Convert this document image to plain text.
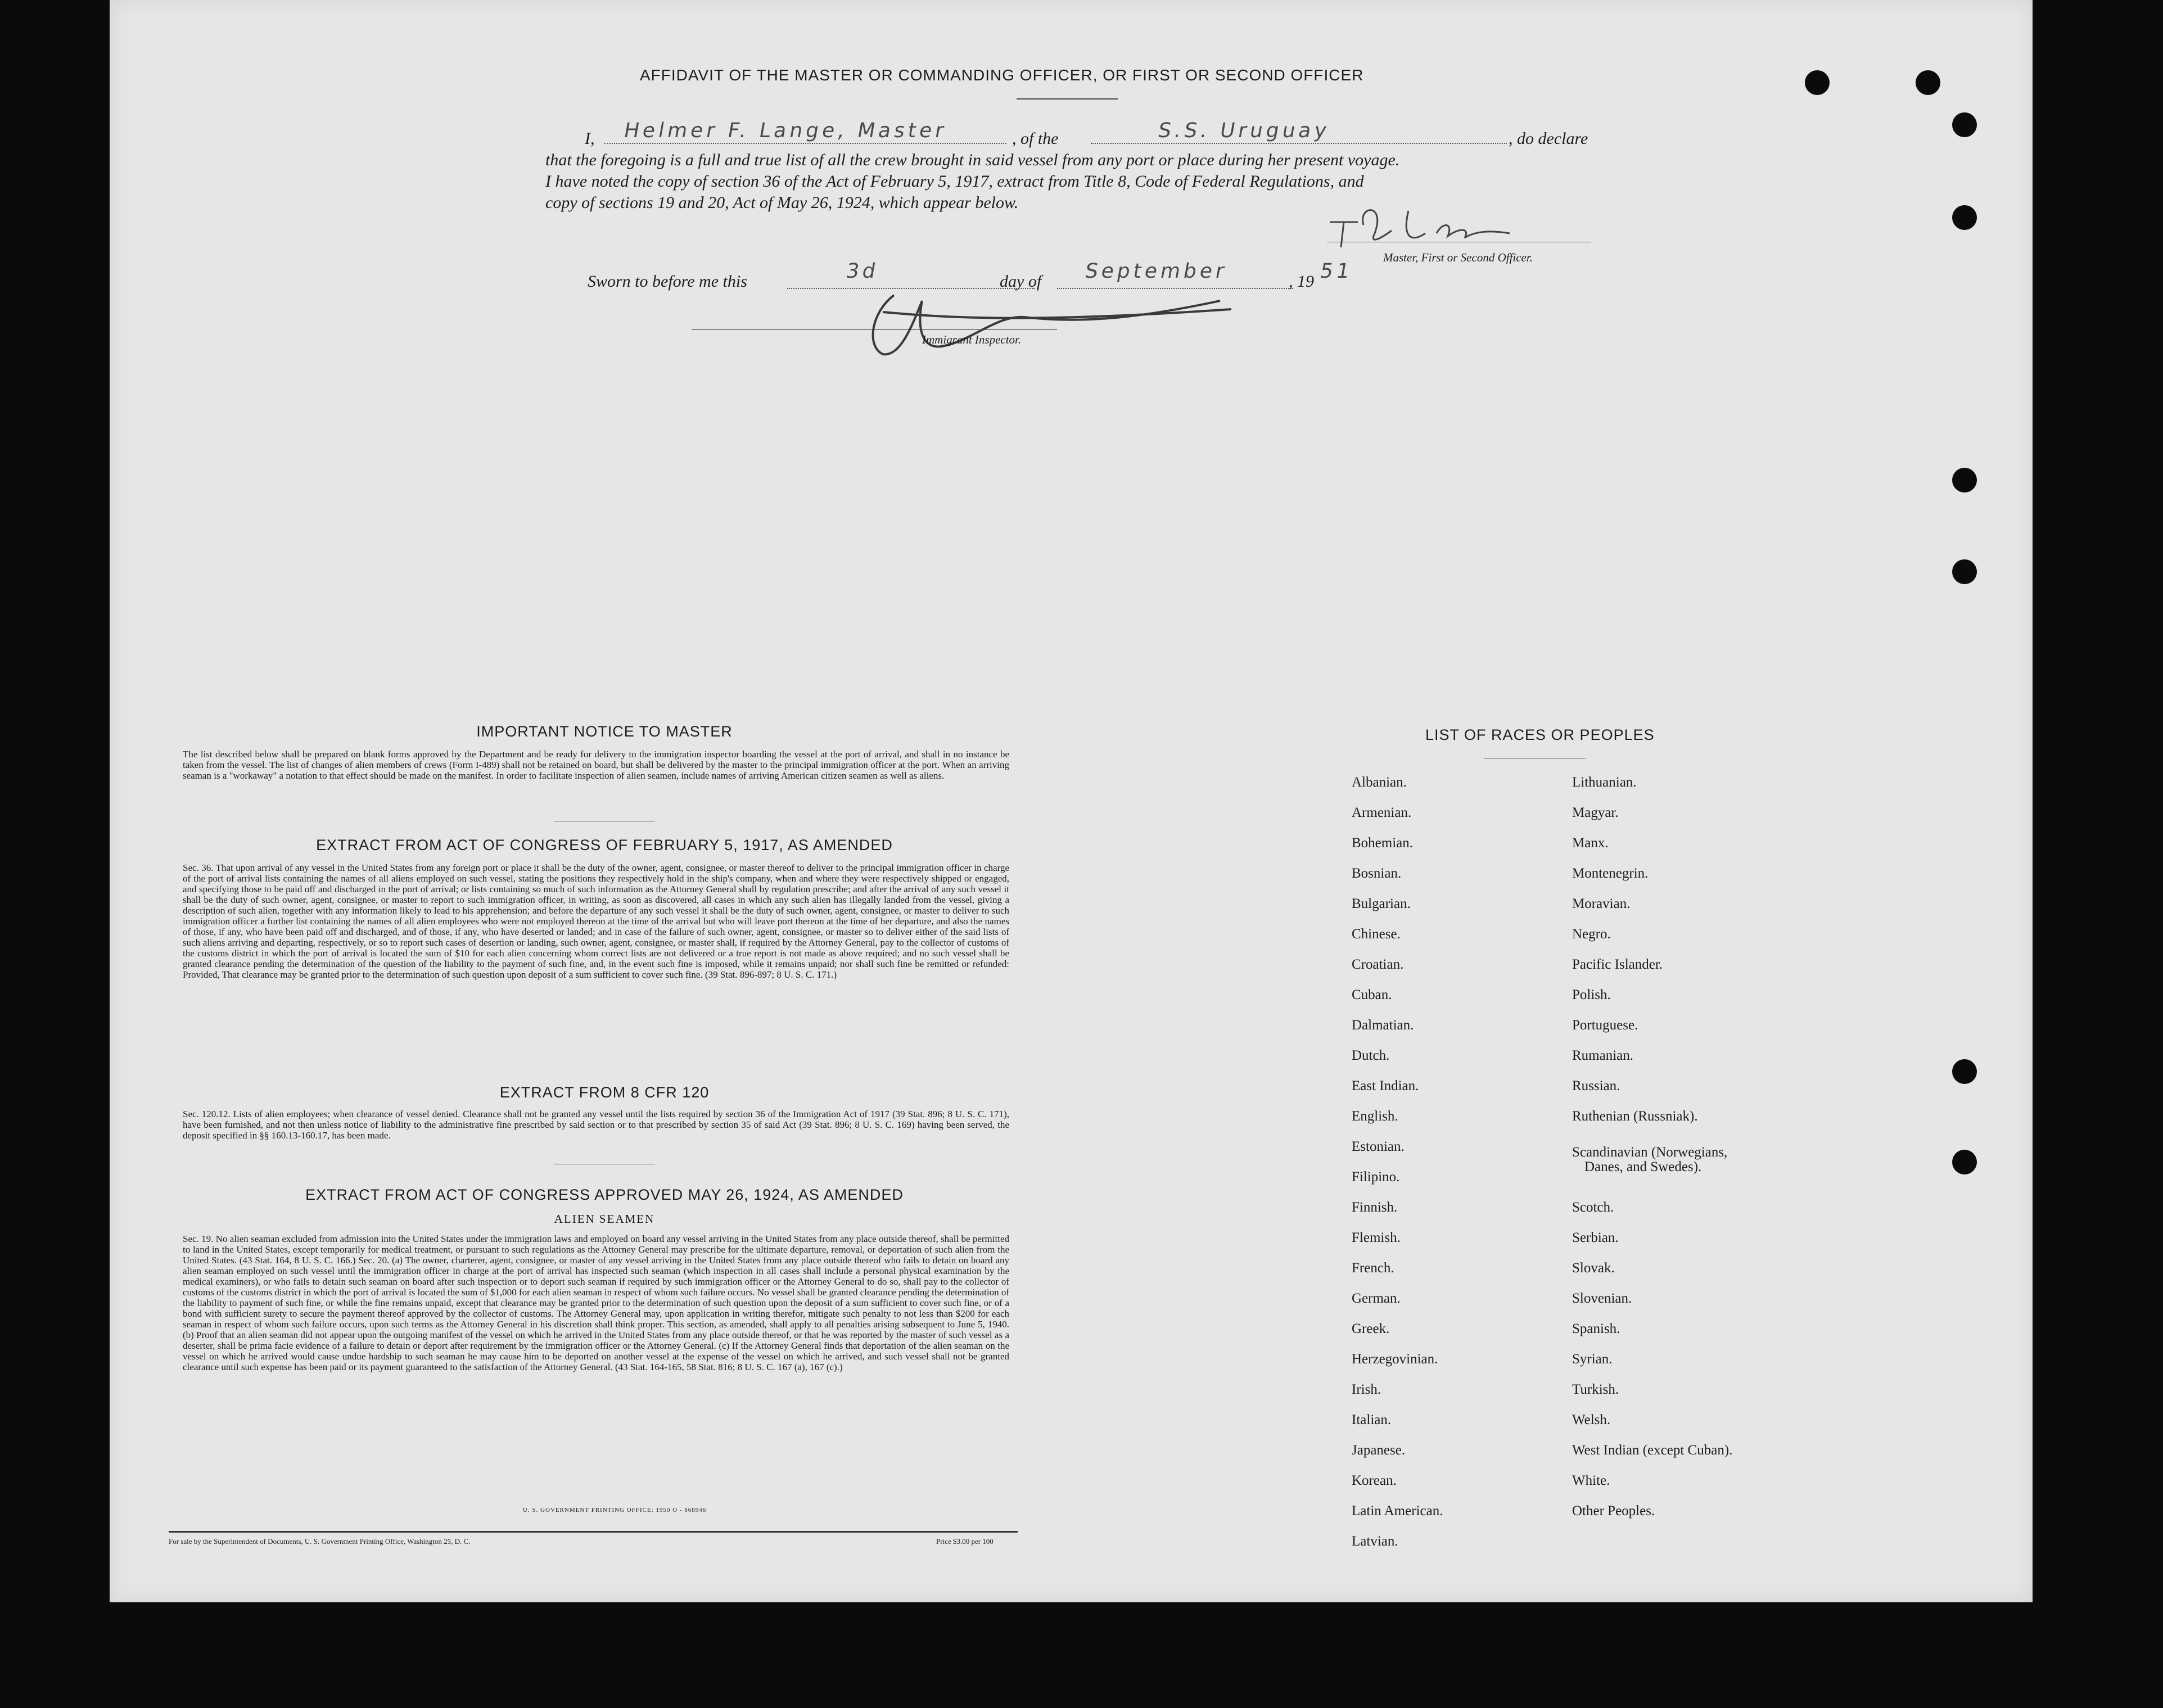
AFFIDAVIT OF THE MASTER OR COMMANDING OFFICER, OR FIRST OR SECOND OFFICER
I, Helmer F. Lange, Master	, of the	S.S. Uruguay	, do declare
that the foregoing is a full and true list of all the crew brought in said vessel from any port or place during her present voyage.
I have noted the copy of section 36 of the Act of February 5, 1917, extract from Title 8, Code of Federal Regulations, and
copy of sections 19 and 20, Act of May 26, 1924, which appear below.
Master, First or Second Officer.
Sworn to before me this	3d	day of September	, 19 51
Immigrant Inspector.
IMPORTANT NOTICE TO MASTER
The list described below shall be prepared on blank forms approved by the Department and be ready for delivery to the immigration inspector boarding the vessel at the port of arrival, and shall in no instance be taken from the vessel. The list of changes of alien members of crews (Form I-489) shall not be retained on board, but shall be delivered by the master to the principal immigration officer at the port. When an arriving seaman is a "workaway" a notation to that effect should be made on the manifest. In order to facilitate inspection of alien seamen, include names of arriving American citizen seamen as well as aliens.
EXTRACT FROM ACT OF CONGRESS OF FEBRUARY 5, 1917, AS AMENDED
Sec. 36. That upon arrival of any vessel in the United States from any foreign port or place it shall be the duty of the owner, agent, consignee, or master thereof to deliver to the principal immigration officer in charge of the port of arrival lists containing the names of all aliens employed on such vessel, stating the positions they respectively hold in the ship's company, when and where they were respectively shipped or engaged, and specifying those to be paid off and discharged in the port of arrival; or lists containing so much of such information as the Attorney General shall by regulation prescribe; and after the arrival of any such vessel it shall be the duty of such owner, agent, consignee, or master to report to such immigration officer, in writing, as soon as discovered, all cases in which any such alien has illegally landed from the vessel, giving a description of such alien, together with any information likely to lead to his apprehension; and before the departure of any such vessel it shall be the duty of such owner, agent, consignee, or master to deliver to such immigration officer a further list containing the names of all alien employees who were not employed thereon at the time of the arrival but who will leave port thereon at the time of her departure, and also the names of those, if any, who have been paid off and discharged, and of those, if any, who have deserted or landed; and in case of the failure of such owner, agent, consignee, or master so to deliver either of the said lists of such aliens arriving and departing, respectively, or so to report such cases of desertion or landing, such owner, agent, consignee, or master shall, if required by the Attorney General, pay to the collector of customs of the customs district in which the port of arrival is located the sum of $10 for each alien concerning whom correct lists are not delivered or a true report is not made as above required; and no such vessel shall be granted clearance pending the determination of the question of the liability to the payment of such fine, and, in the event such fine is imposed, while it remains unpaid; nor shall such fine be remitted or refunded: Provided, That clearance may be granted prior to the determination of such question upon deposit of a sum sufficient to cover such fine. (39 Stat. 896-897; 8 U. S. C. 171.)
EXTRACT FROM 8 CFR 120
Sec. 120.12. Lists of alien employees; when clearance of vessel denied. Clearance shall not be granted any vessel until the lists required by section 36 of the Immigration Act of 1917 (39 Stat. 896; 8 U. S. C. 171), have been furnished, and not then unless notice of liability to the administrative fine prescribed by said section or to that prescribed by section 35 of said Act (39 Stat. 896; 8 U. S. C. 169) having been served, the deposit specified in §§ 160.13-160.17, has been made.
EXTRACT FROM ACT OF CONGRESS APPROVED MAY 26, 1924, AS AMENDED
ALIEN SEAMEN
Sec. 19. No alien seaman excluded from admission into the United States under the immigration laws and employed on board any vessel arriving in the United States from any place outside thereof, shall be permitted to land in the United States, except temporarily for medical treatment, or pursuant to such regulations as the Attorney General may prescribe for the ultimate departure, removal, or deportation of such alien from the United States. (43 Stat. 164, 8 U. S. C. 166.) Sec. 20. (a) The owner, charterer, agent, consignee, or master of any vessel arriving in the United States from any place outside thereof who fails to detain on board any alien seaman employed on such vessel until the immigration officer in charge at the port of arrival has inspected such seaman (which inspection in all cases shall include a personal physical examination by the medical examiners), or who fails to detain such seaman on board after such inspection or to deport such seaman if required by such immigration officer or the Attorney General to do so, shall pay to the collector of customs of the customs district in which the port of arrival is located the sum of $1,000 for each alien seaman in respect of whom such failure occurs. No vessel shall be granted clearance pending the determination of the liability to payment of such fine, or while the fine remains unpaid, except that clearance may be granted prior to the determination of such question upon the deposit of a sum sufficient to cover such fine, or of a bond with sufficient surety to secure the payment thereof approved by the collector of customs. The Attorney General may, upon application in writing therefor, mitigate such penalty to not less than $200 for each seaman in respect of whom such failure occurs, upon such terms as the Attorney General in his discretion shall think proper. This section, as amended, shall apply to all penalties arising subsequent to June 5, 1940. (b) Proof that an alien seaman did not appear upon the outgoing manifest of the vessel on which he arrived in the United States from any place outside thereof, or that he was reported by the master of such vessel as a deserter, shall be prima facie evidence of a failure to detain or deport after requirement by the immigration officer or the Attorney General. (c) If the Attorney General finds that deportation of the alien seaman on the vessel on which he arrived would cause undue hardship to such seaman he may cause him to be deported on another vessel at the expense of the vessel on which he arrived, and such vessel shall not be granted clearance until such expense has been paid or its payment guaranteed to the satisfaction of the Attorney General. (43 Stat. 164-165, 58 Stat. 816; 8 U. S. C. 167 (a), 167 (c).)
U. S. GOVERNMENT PRINTING OFFICE: 1950 O - 868946
For sale by the Superintendent of Documents, U. S. Government Printing Office, Washington 25, D. C.	Price $3.00 per 100
LIST OF RACES OR PEOPLES
Albanian.
Armenian.
Bohemian.
Bosnian.
Bulgarian.
Chinese.
Croatian.
Cuban.
Dalmatian.
Dutch.
East Indian.
English.
Estonian.
Filipino.
Finnish.
Flemish.
French.
German.
Greek.
Herzegovinian.
Irish.
Italian.
Japanese.
Korean.
Latin American.
Latvian.
Lithuanian.
Magyar.
Manx.
Montenegrin.
Moravian.
Negro.
Pacific Islander.
Polish.
Portuguese.
Rumanian.
Russian.
Ruthenian (Russniak).
Scandinavian (Norwegians,
Danes, and Swedes).
Scotch.
Serbian.
Slovak.
Slovenian.
Spanish.
Syrian.
Turkish.
Welsh.
West Indian (except Cuban).
White.
Other Peoples.
